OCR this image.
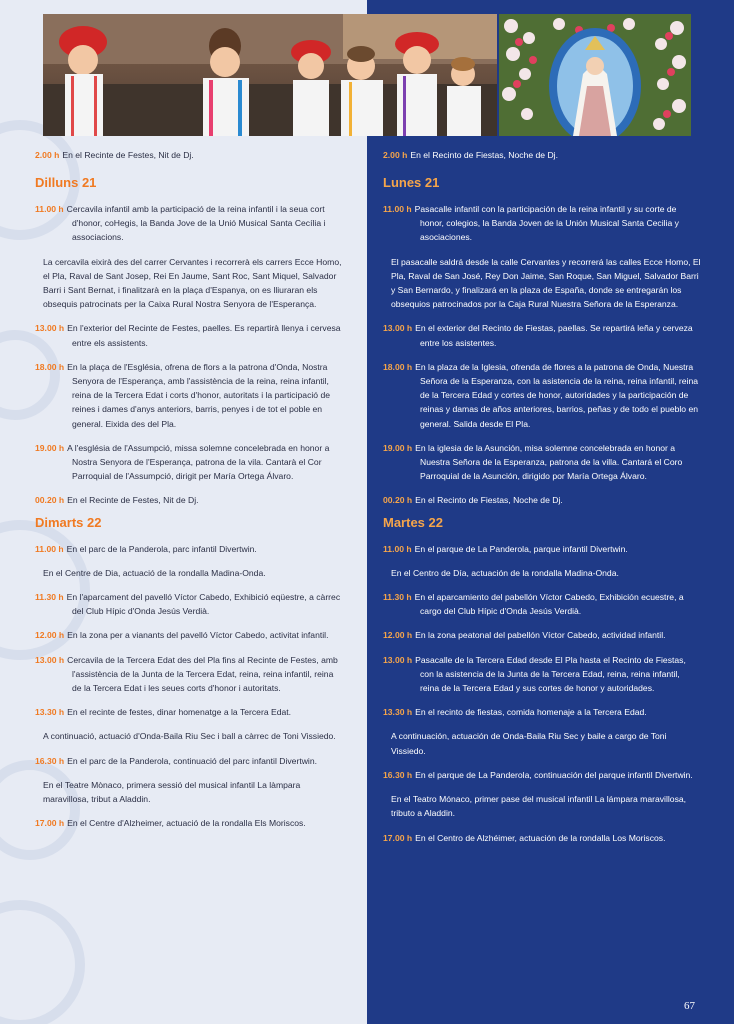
2.00 h En el Recinte de Festes, Nit de Dj.
Dilluns 21
11.00 h Cercavila infantil amb la participació de la reina infantil i la seua cort d'honor, coHegis, la Banda Jove de la Unió Musical Santa Cecília i associacions.
La cercavila eixirà des del carrer Cervantes i recorrerà els carrers Ecce Homo, el Pla, Raval de Sant Josep, Rei En Jaume, Sant Roc, Sant Miquel, Salvador Barri i Sant Bernat, i finalitzarà en la plaça d'Espanya, on es lliuraran els obsequis patrocinats per la Caixa Rural Nostra Senyora de l'Esperança.
13.00 h En l'exterior del Recinte de Festes, paelles. Es repartirà llenya i cervesa entre els assistents.
18.00 h En la plaça de l'Església, ofrena de flors a la patrona d'Onda, Nostra Senyora de l'Esperança, amb l'assistència de la reina, reina infantil, reina de la Tercera Edat i corts d'honor, autoritats i la participació de reines i dames d'anys anteriors, barris, penyes i de tot el poble en general. Eixida des del Pla.
19.00 h A l'església de l'Assumpció, missa solemne concelebrada en honor a Nostra Senyora de l'Esperança, patrona de la vila. Cantarà el Cor Parroquial de l'Assumpció, dirigit per María Ortega Álvaro.
00.20 h En el Recinte de Festes, Nit de Dj.
Dimarts 22
11.00 h En el parc de la Panderola, parc infantil Divertwin.
En el Centre de Dia, actuació de la rondalla Madina-Onda.
11.30 h En l'aparcament del pavelló Víctor Cabedo, Exhibició eqüestre, a càrrec del Club Hípic d'Onda Jesús Verdià.
12.00 h En la zona per a vianants del pavelló Víctor Cabedo, activitat infantil.
13.00 h Cercavila de la Tercera Edat des del Pla fins al Recinte de Festes, amb l'assistència de la Junta de la Tercera Edat, reina, reina infantil, reina de la Tercera Edat i les seues corts d'honor i autoritats.
13.30 h En el recinte de festes, dinar homenatge a la Tercera Edat.
A continuació, actuació d'Onda-Baila Riu Sec i ball a càrrec de Toni Vissiedo.
16.30 h En el parc de la Panderola, continuació del parc infantil Divertwin.
En el Teatre Mònaco, primera sessió del musical infantil La làmpara maravillosa, tribut a Aladdin.
17.00 h En el Centre d'Alzheimer, actuació de la rondalla Els Moriscos.
2.00 h En el Recinto de Fiestas, Noche de Dj.
Lunes 21
11.00 h Pasacalle infantil con la participación de la reina infantil y su corte de honor, colegios, la Banda Joven de la Unión Musical Santa Cecilia y asociaciones.
El pasacalle saldrá desde la calle Cervantes y recorrerá las calles Ecce Homo, El Pla, Raval de San José, Rey Don Jaime, San Roque, San Miguel, Salvador Barri y San Bernardo, y finalizará en la plaza de España, donde se entregarán los obsequios patrocinados por la Caja Rural Nuestra Señora de la Esperanza.
13.00 h En el exterior del Recinto de Fiestas, paellas. Se repartirá leña y cerveza entre los asistentes.
18.00 h En la plaza de la Iglesia, ofrenda de flores a la patrona de Onda, Nuestra Señora de la Esperanza, con la asistencia de la reina, reina infantil, reina de la Tercera Edad y cortes de honor, autoridades y la participación de reinas y damas de años anteriores, barrios, peñas y de todo el pueblo en general. Salida desde El Pla.
19.00 h En la iglesia de la Asunción, misa solemne concelebrada en honor a Nuestra Señora de la Esperanza, patrona de la villa. Cantará el Coro Parroquial de la Asunción, dirigido por María Ortega Álvaro.
00.20 h En el Recinto de Fiestas, Noche de Dj.
Martes 22
11.00 h En el parque de La Panderola, parque infantil Divertwin.
En el Centro de Día, actuación de la rondalla Madina-Onda.
11.30 h En el aparcamiento del pabellón Víctor Cabedo, Exhibición ecuestre, a cargo del Club Hípic d'Onda Jesús Verdià.
12.00 h En la zona peatonal del pabellón Víctor Cabedo, actividad infantil.
13.00 h Pasacalle de la Tercera Edad desde El Pla hasta el Recinto de Fiestas, con la asistencia de la Junta de la Tercera Edad, reina, reina infantil, reina de la Tercera Edad y sus cortes de honor y autoridades.
13.30 h En el recinto de fiestas, comida homenaje a la Tercera Edad.
A continuación, actuación de Onda-Baila Riu Sec y baile a cargo de Toni Vissiedo.
16.30 h En el parque de La Panderola, continuación del parque infantil Divertwin.
En el Teatro Mónaco, primer pase del musical infantil La lámpara maravillosa, tributo a Aladdin.
17.00 h En el Centro de Alzhéimer, actuación de la rondalla Los Moriscos.
67
